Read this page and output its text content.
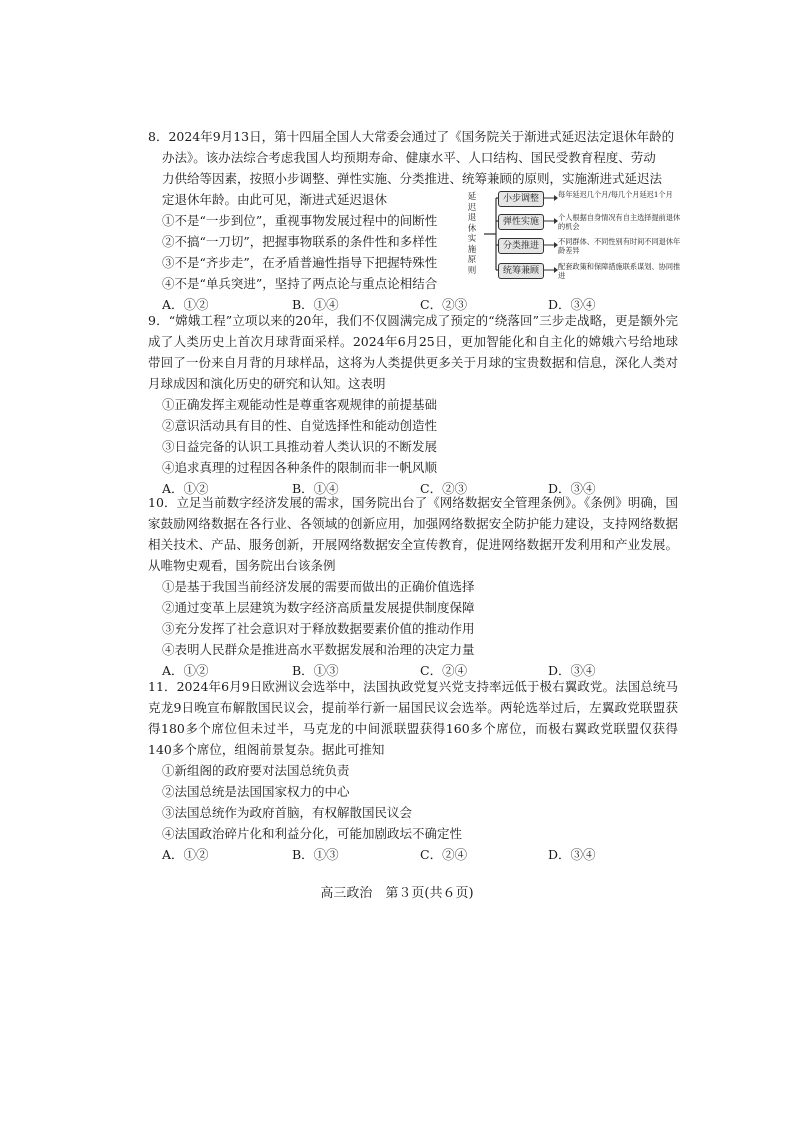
8．2024年9月13日，第十四届全国人大常委会通过了《国务院关于渐进式延迟法定退休年龄的
办法》。该办法综合考虑我国人均预期寿命、健康水平、人口结构、国民受教育程度、劳动
力供给等因素，按照小步调整、弹性实施、分类推进、统筹兼顾的原则，实施渐进式延迟法
定退休年龄。由此可见，渐进式延迟退休
①不是“一步到位”，重视事物发展过程中的间断性
②不搞“一刀切”，把握事物联系的条件性和多样性
③不是“齐步走”，在矛盾普遍性指导下把握特殊性
④不是“单兵突进”，坚持了两点论与重点论相结合
A．①②	B．①④	C．②③	D．③④
延迟退休实施原则
小步调整
弹性实施
分类推进
统筹兼顾
每年延迟几个月/每几个月延迟1个月
个人根据自身情况有自主选择提前退休的机会
不同群体、不同性别有时间不同退休年龄差异
配套政策和保障措施联系谋划、协同推进
9．“嫦娥工程”立项以来的20年，我们不仅圆满完成了预定的“绕落回”三步走战略，更是额外完成了人类历史上首次月球背面采样。2024年6月25日，更加智能化和自主化的嫦娥六号给地球带回了一份来自月背的月球样品，这将为人类提供更多关于月球的宝贵数据和信息，深化人类对月球成因和演化历史的研究和认知。这表明
①正确发挥主观能动性是尊重客观规律的前提基础
②意识活动具有目的性、自觉选择性和能动创造性
③日益完备的认识工具推动着人类认识的不断发展
④追求真理的过程因各种条件的限制而非一帆风顺
A．①②	B．①④	C．②③	D．③④
10．立足当前数字经济发展的需求，国务院出台了《网络数据安全管理条例》。《条例》明确，国家鼓励网络数据在各行业、各领域的创新应用，加强网络数据安全防护能力建设，支持网络数据相关技术、产品、服务创新，开展网络数据安全宣传教育，促进网络数据开发利用和产业发展。从唯物史观看，国务院出台该条例
①是基于我国当前经济发展的需要而做出的正确价值选择
②通过变革上层建筑为数字经济高质量发展提供制度保障
③充分发挥了社会意识对于释放数据要素价值的推动作用
④表明人民群众是推进高水平数据发展和治理的决定力量
A．①②	B．①③	C．②④	D．③④
11．2024年6月9日欧洲议会选举中，法国执政党复兴党支持率远低于极右翼政党。法国总统马克龙9日晚宣布解散国民议会，提前举行新一届国民议会选举。两轮选举过后，左翼政党联盟获得180多个席位但未过半，马克龙的中间派联盟获得160多个席位，而极右翼政党联盟仅获得140多个席位，组阁前景复杂。据此可推知
①新组阁的政府要对法国总统负责
②法国总统是法国国家权力的中心
③法国总统作为政府首脑，有权解散国民议会
④法国政治碎片化和利益分化，可能加剧政坛不确定性
A．①②	B．①③	C．②④	D．③④
高三政治　第３页(共６页)
